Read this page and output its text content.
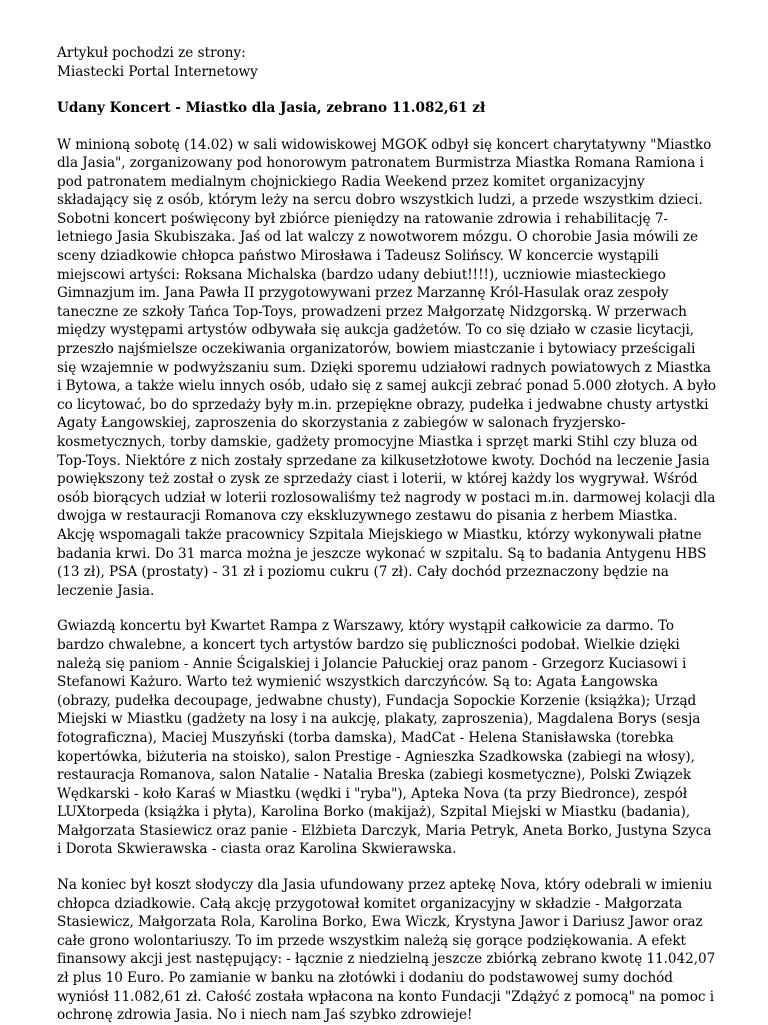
Artykuł pochodzi ze strony:
Miastecki Portal Internetowy
Udany Koncert - Miastko dla Jasia, zebrano 11.082,61 zł

W minioną sobotę (14.02) w sali widowiskowej MGOK odbył się koncert charytatywny "Miastko dla Jasia", zorganizowany pod honorowym patronatem Burmistrza Miastka Romana Ramiona i pod patronatem medialnym chojnickiego Radia Weekend przez komitet organizacyjny składający się z osób, którym leży na sercu dobro wszystkich ludzi, a przede wszystkim dzieci. Sobotni koncert poświęcony był zbiórce pieniędzy na ratowanie zdrowia i rehabilitację 7-letniego Jasia Skubiszaka. Jaś od lat walczy z nowotworem mózgu. O chorobie Jasia mówili ze sceny dziadkowie chłopca państwo Mirosława i Tadeusz Solińscy. W koncercie wystąpili miejscowi artyści: Roksana Michalska (bardzo udany debiut!!!!), uczniowie miasteckiego Gimnazjum im. Jana Pawła II przygotowywani przez Marzannę Król-Hasulak oraz zespoły taneczne ze szkoły Tańca Top-Toys, prowadzeni przez Małgorzatę Nidzgorską. W przerwach między występami artystów odbywała się aukcja gadżetów. To co się działo w czasie licytacji, przeszło najśmielsze oczekiwania organizatorów, bowiem miastczanie i bytowiacy prześcigali się wzajemnie w podwyższaniu sum. Dzięki sporemu udziałowi radnych powiatowych z Miastka i Bytowa, a także wielu innych osób, udało się z samej aukcji zebrać ponad 5.000 złotych. A było co licytować, bo do sprzedaży były m.in. przepiękne obrazy, pudełka i jedwabne chusty artystki Agaty Łangowskiej, zaproszenia do skorzystania z zabiegów w salonach fryzjersko-kosmetycznych, torby damskie, gadżety promocyjne Miastka i sprzęt marki Stihl czy bluza od Top-Toys. Niektóre z nich zostały sprzedane za kilkusetzłotowe kwoty. Dochód na leczenie Jasia powiększony też został o zysk ze sprzedaży ciast i loterii, w której każdy los wygrywał. Wśród osób biorących udział w loterii rozlosowaliśmy też nagrody w postaci m.in. darmowej kolacji dla dwojga w restauracji Romanova czy ekskluzywnego zestawu do pisania z herbem Miastka. Akcję wspomagali także pracownicy Szpitala Miejskiego w Miastku, którzy wykonywali płatne badania krwi. Do 31 marca można je jeszcze wykonać w szpitalu. Są to badania Antygenu HBS (13 zł), PSA (prostaty) - 31 zł i poziomu cukru (7 zł). Cały dochód przeznaczony będzie na leczenie Jasia.

Gwiazdą koncertu był Kwartet Rampa z Warszawy, który wystąpił całkowicie za darmo. To bardzo chwalebne, a koncert tych artystów bardzo się publiczności podobał. Wielkie dzięki należą się paniom - Annie Ścigalskiej i Jolancie Pałuckiej oraz panom - Grzegorz Kuciasowi i Stefanowi Każuro. Warto też wymienić wszystkich darczyńców. Są to: Agata Łangowska (obrazy, pudełka decoupage, jedwabne chusty), Fundacja Sopockie Korzenie (książka); Urząd Miejski w Miastku (gadżety na losy i na aukcję, plakaty, zaproszenia), Magdalena Borys (sesja fotograficzna), Maciej Muszyński (torba damska), MadCat - Helena Stanisławska (torebka kopertówka, biżuteria na stoisko), salon Prestige - Agnieszka Szadkowska (zabiegi na włosy), restauracja Romanova, salon Natalie - Natalia Breska (zabiegi kosmetyczne), Polski Związek Wędkarski - koło Karaś w Miastku (wędki i "ryba"), Apteka Nova (ta przy Biedronce), zespół LUXtorpeda (książka i płyta), Karolina Borko (makijaż), Szpital Miejski w Miastku (badania), Małgorzata Stasiewicz oraz panie - Elżbieta Darczyk, Maria Petryk, Aneta Borko, Justyna Szyca i Dorota Skwierawska - ciasta oraz Karolina Skwierawska.

Na koniec był koszt słodyczy dla Jasia ufundowany przez aptekę Nova, który odebrali w imieniu chłopca dziadkowie. Całą akcję przygotował komitet organizacyjny w składzie - Małgorzata Stasiewicz, Małgorzata Rola, Karolina Borko, Ewa Wiczk, Krystyna Jawor i Dariusz Jawor oraz całe grono wolontariuszy. To im przede wszystkim należą się gorące podziękowania. A efekt finansowy akcji jest następujący: - łącznie z niedzielną jeszcze zbiórką zebrano kwotę 11.042,07 zł plus 10 Euro. Po zamianie w banku na złotówki i dodaniu do podstawowej sumy dochód wyniósł 11.082,61 zł. Całość została wpłacona na konto Fundacji "Zdążyć z pomocą" na pomoc i ochronę zdrowia Jasia. No i niech nam Jaś szybko zdrowieje!
